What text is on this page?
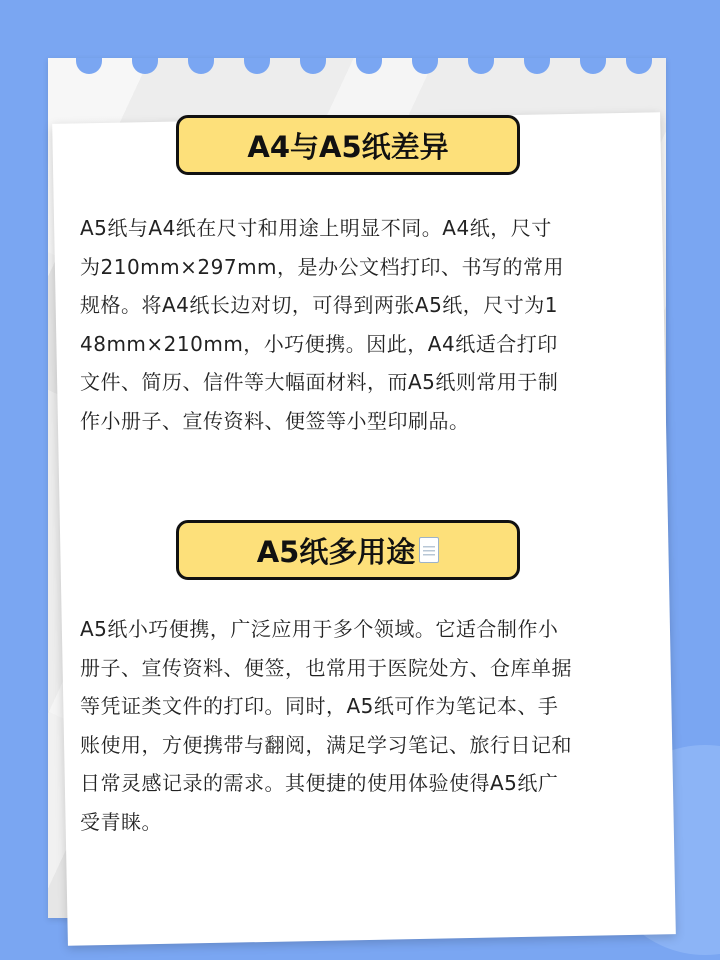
A4与A5纸差异
A5纸与A4纸在尺寸和用途上明显不同。A4纸，尺寸
为210mm×297mm，是办公文档打印、书写的常用
规格。将A4纸长边对切，可得到两张A5纸，尺寸为1
48mm×210mm，小巧便携。因此，A4纸适合打印
文件、简历、信件等大幅面材料，而A5纸则常用于制
作小册子、宣传资料、便签等小型印刷品。
A5纸多用途
A5纸小巧便携，广泛应用于多个领域。它适合制作小
册子、宣传资料、便签，也常用于医院处方、仓库单据
等凭证类文件的打印。同时，A5纸可作为笔记本、手
账使用，方便携带与翻阅，满足学习笔记、旅行日记和
日常灵感记录的需求。其便捷的使用体验使得A5纸广
受青睐。
